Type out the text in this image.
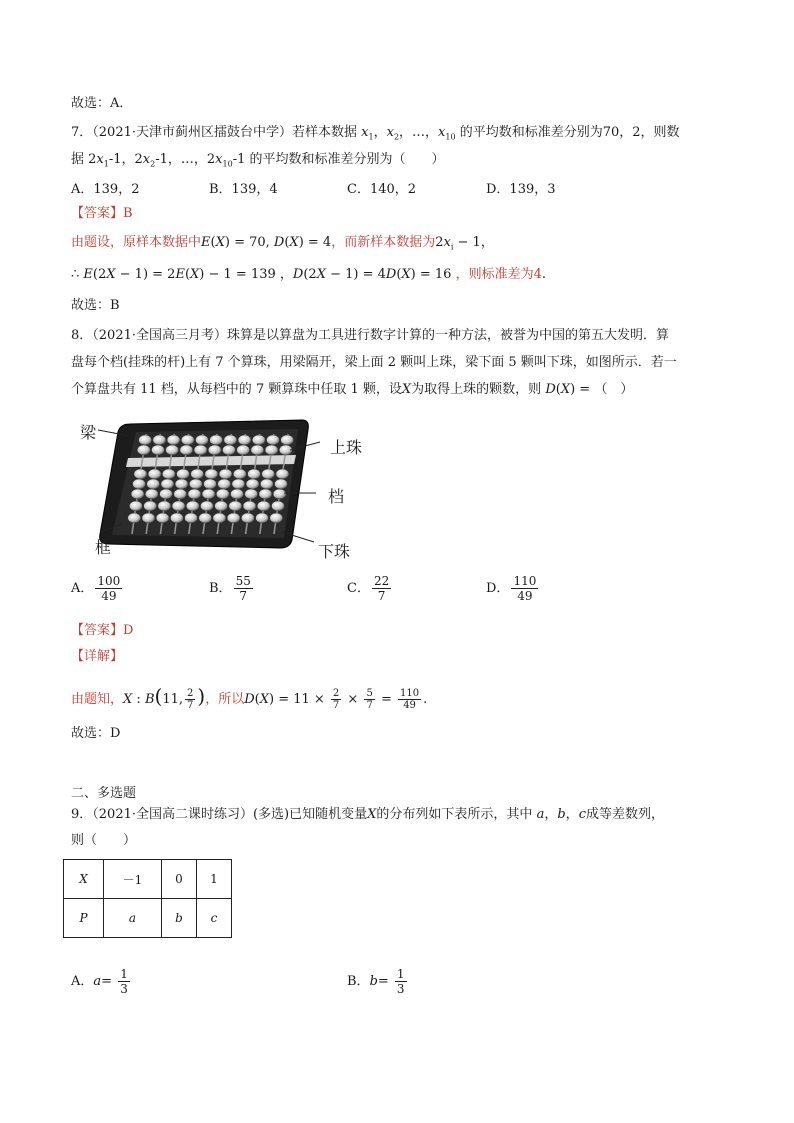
故选：A．
7．（2021·天津市蓟州区擂鼓台中学）若样本数据 $x_1$，$x_2$，…，$x_{10}$ 的平均数和标准差分别为70，2，则数
据 $2x_1-1$，$2x_2-1$，…，$2x_{10}-1$ 的平均数和标准差分别为（　　）
A．139，2	B．139，4	C．140，2	D．139，3
【答案】B
由题设，原样本数据中E(X) = 70, D(X) = 4，而新样本数据为$2x_i - 1$，
∴ E(2X − 1) = 2E(X) − 1 = 139 ，D(2X − 1) = 4D(X) = 16 ，则标准差为4.
故选：B
8．（2021·全国高三月考）珠算是以算盘为工具进行数字计算的一种方法，被誉为中国的第五大发明．算
盘每个档(挂珠的杆)上有 7 个算珠，用梁隔开，梁上面 2 颗叫上珠，梁下面 5 颗叫下珠，如图所示．若一
个算盘共有 11 档，从每档中的 7 颗算珠中任取 1 颗，设X为取得上珠的颗数，则 D(X) = （　）
梁
上珠
档
框	下珠
A． $\frac{100}{49}$	B． $\frac{55}{7}$	C． $\frac{22}{7}$	D． $\frac{110}{49}$
【答案】D
【详解】
由题知，X : B(11, $\frac{2}{7}$ )，所以$D(X) = 11 \times \frac{2}{7} \times \frac{5}{7} = \frac{110}{49}$ .
故选：D
二、多选题
9．（2021·全国高二课时练习）(多选)已知随机变量X的分布列如下表所示，其中 a，b，c成等差数列，
则（　　）
X	－1	0	1
P	a	b	c
A．$a= \frac{1}{3}$	B．$b= \frac{1}{3}$
